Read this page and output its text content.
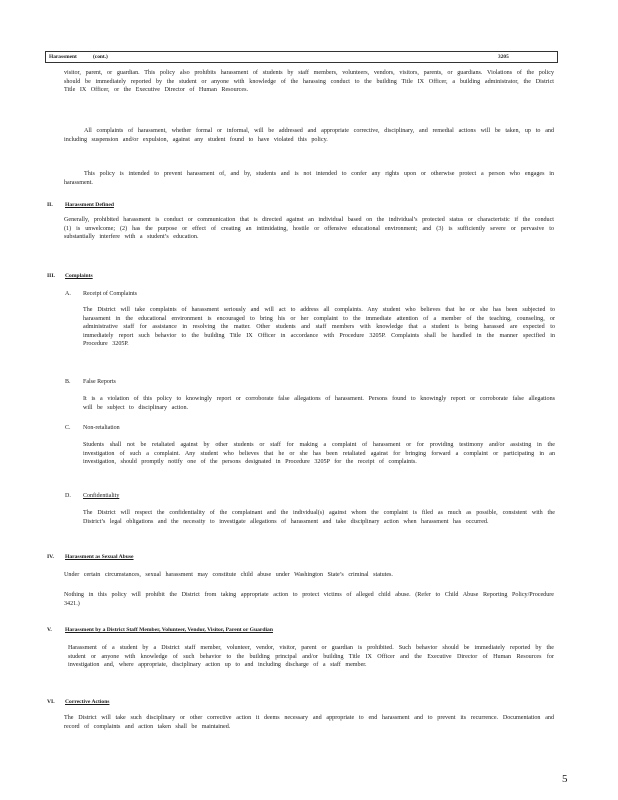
Harassment	(cont.)	3205
visitor, parent, or guardian. This policy also prohibits harassment of students by staff members, volunteers, vendors, visitors, parents, or guardians. Violations of the policy should be immediately reported by the student or anyone with knowledge of the harassing conduct to the building Title IX Officer, a building administrator, the District Title IX Officer, or the Executive Director of Human Resources.
All complaints of harassment, whether formal or informal, will be addressed and appropriate corrective, disciplinary, and remedial actions will be taken, up to and including suspension and/or expulsion, against any student found to have violated this policy.
This policy is intended to prevent harassment of, and by, students and is not intended to confer any rights upon or otherwise protect a person who engages in harassment.
II. Harassment Defined
Generally, prohibited harassment is conduct or communication that is directed against an individual based on the individual’s protected status or characteristic if the conduct (1) is unwelcome; (2) has the purpose or effect of creating an intimidating, hostile or offensive educational environment; and (3) is sufficiently severe or pervasive to substantially interfere with a student’s education.
III. Complaints
A. Receipt of Complaints
The District will take complaints of harassment seriously and will act to address all complaints. Any student who believes that he or she has been subjected to harassment in the educational environment is encouraged to bring his or her complaint to the immediate attention of a member of the teaching, counseling, or administrative staff for assistance in resolving the matter. Other students and staff members with knowledge that a student is being harassed are expected to immediately report such behavior to the building Title IX Officer in accordance with Procedure 3205P. Complaints shall be handled in the manner specified in Procedure 3205P.
B. False Reports
It is a violation of this policy to knowingly report or corroborate false allegations of harassment. Persons found to knowingly report or corroborate false allegations will be subject to disciplinary action.
C. Non-retaliation
Students shall not be retaliated against by other students or staff for making a complaint of harassment or for providing testimony and/or assisting in the investigation of such a complaint. Any student who believes that he or she has been retaliated against for bringing forward a complaint or participating in an investigation, should promptly notify one of the persons designated in Procedure 3205P for the receipt of complaints.
D. Confidentiality
The District will respect the confidentiality of the complainant and the individual(s) against whom the complaint is filed as much as possible, consistent with the District’s legal obligations and the necessity to investigate allegations of harassment and take disciplinary action when harassment has occurred.
IV. Harassment as Sexual Abuse
Under certain circumstances, sexual harassment may constitute child abuse under Washington State’s criminal statutes.
Nothing in this policy will prohibit the District from taking appropriate action to protect victims of alleged child abuse. (Refer to Child Abuse Reporting Policy/Procedure 3421.)
V. Harassment by a District Staff Member, Volunteer, Vendor, Visitor, Parent or Guardian
Harassment of a student by a District staff member, volunteer, vendor, visitor, parent or guardian is prohibited. Such behavior should be immediately reported by the student or anyone with knowledge of such behavior to the building principal and/or building Title IX Officer and the Executive Director of Human Resources for investigation and, where appropriate, disciplinary action up to and including discharge of a staff member.
VI. Corrective Actions
The District will take such disciplinary or other corrective action it deems necessary and appropriate to end harassment and to prevent its recurrence. Documentation and record of complaints and action taken shall be maintained.
5
